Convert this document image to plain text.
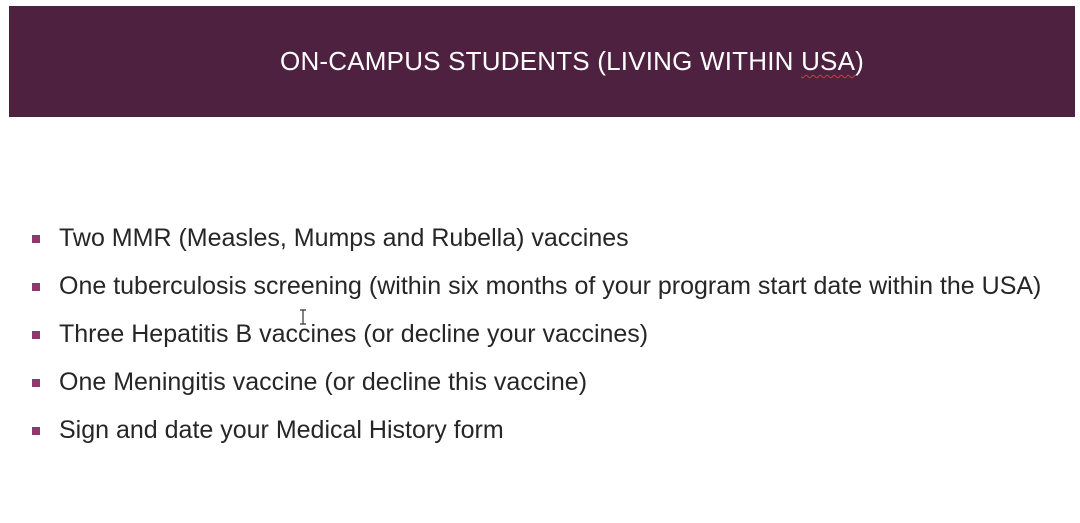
ON-CAMPUS STUDENTS (LIVING WITHIN USA)
Two MMR (Measles, Mumps and Rubella) vaccines
One tuberculosis screening (within six months of your program start date within the USA)
Three Hepatitis B vaccines (or decline your vaccines)
One Meningitis vaccine (or decline this vaccine)
Sign and date your Medical History form
